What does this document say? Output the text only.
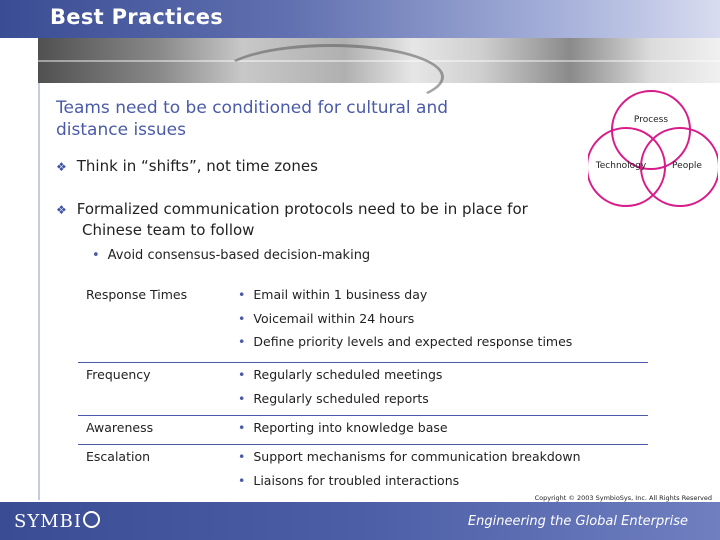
Best Practices
Teams need to be conditioned for cultural and distance issues
❖ Think in “shifts”, not time zones
❖ Formalized communication protocols need to be in place for Chinese team to follow
• Avoid consensus-based decision-making
Process
Technology	People
Response Times	• Email within 1 business day
• Voicemail within 24 hours
• Define priority levels and expected response times
Frequency	• Regularly scheduled meetings
• Regularly scheduled reports
Awareness	• Reporting into knowledge base
Escalation	• Support mechanisms for communication breakdown
• Liaisons for troubled interactions
Copyright © 2003 SymbioSys, Inc. All Rights Reserved
SYMBI	Engineering the Global Enterprise
